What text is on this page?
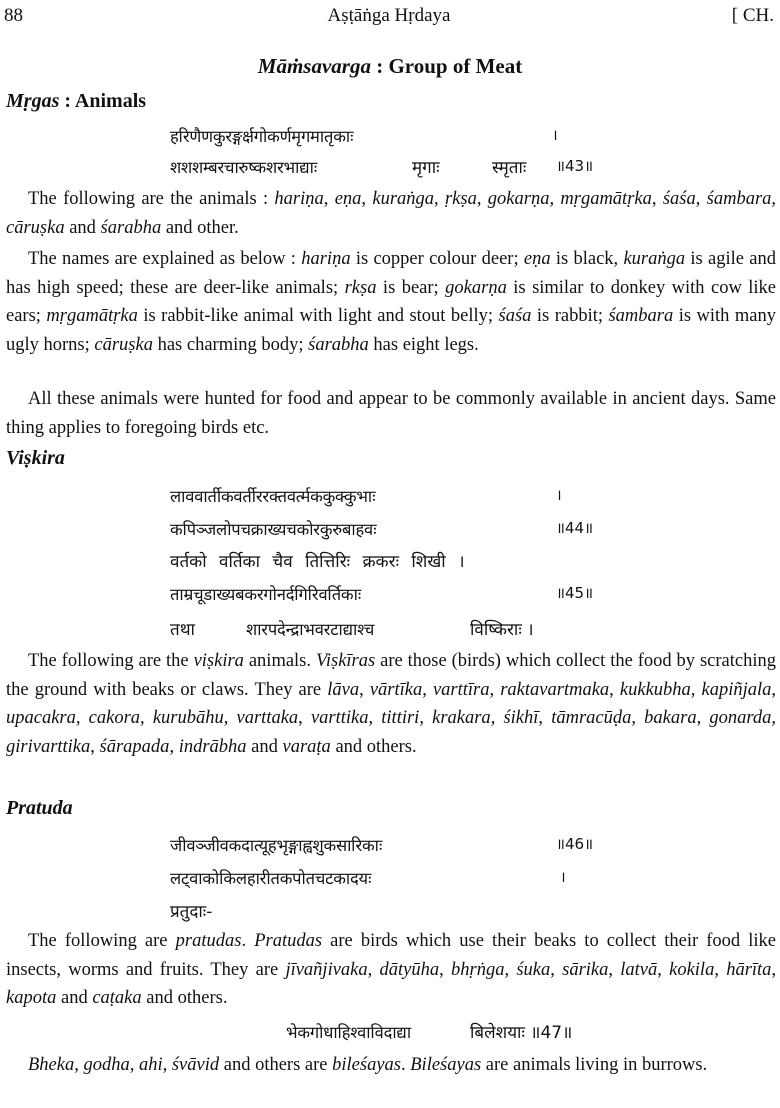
88	Aṣṭāṅga Hṛdaya	[ CH.
Māṁsavarga : Group of Meat
Mṛgas : Animals
हरिणैणकुरङ्गर्क्षगोकर्णमृगमातृकाः	।
शशशम्बरचारुष्कशरभाद्याः	मृगाः	स्मृताः ॥43॥

The following are the animals : hariṇa, eṇa, kuraṅga, ṛkṣa, gokarṇa, mṛgamātṛka, śaśa, śambara, cāruṣka and śarabha and other.

The names are explained as below : hariṇa is copper colour deer; eṇa is black, kuraṅga is agile and has high speed; these are deer-like animals; rkṣa is bear; gokarṇa is similar to donkey with cow like ears; mṛgamātṛka is rabbit-like animal with light and stout belly; śaśa is rabbit; śambara is with many ugly horns; cāruṣka has charming body; śarabha has eight legs.

All these animals were hunted for food and appear to be commonly available in ancient days. Same thing applies to foregoing birds etc.

Viṣkira
लाववार्तीकवर्तीररक्तवर्त्मककुक्कुभाः	।
कपिञ्जलोपचक्राख्यचकोरकुरुबाहवः	॥44॥
वर्तको वर्तिका चैव तित्तिरिः क्रकरः शिखी ।
ताम्रचूडाख्यबकरगोनर्दगिरिवर्तिकाः	॥45॥
तथा	शारपदेन्द्राभवरटाद्याश्च	विष्किराः ।

The following are the viṣkira animals. Viṣkīras are those (birds) which collect the food by scratching the ground with beaks or claws. They are lāva, vārtīka, varttīra, raktavartmaka, kukkubha, kapiñjala, upacakra, cakora, kurubāhu, varttaka, varttika, tittiri, krakara, śikhī, tāmracūḍa, bakara, gonarda, girivarttika, śārapada, indrābha and varaṭa and others.

Pratuda
जीवञ्जीवकदात्यूहभृङ्गाह्वशुकसारिकाः	॥46॥
लट्वाकोकिलहारीतकपोतचटकादयः	।
प्रतुदाः-

The following are pratudas. Pratudas are birds which use their beaks to collect their food like insects, worms and fruits. They are jīvañjivaka, dātyūha, bhṛṅga, śuka, sārika, latvā, kokila, hārīta, kapota and caṭaka and others.

भेकगोधाहिश्वाविदाद्या	बिलेशयाः ॥47॥

Bheka, godha, ahi, śvāvid and others are bileśayas. Bileśayas are animals living in burrows.
